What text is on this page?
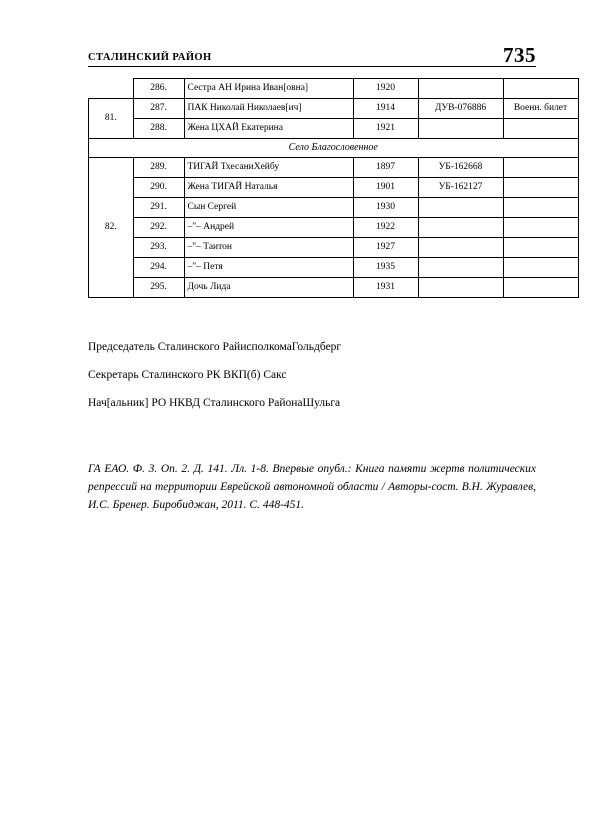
СТАЛИНСКИЙ РАЙОН	735
	286.	Сестра АН Ирина Иван[овна]	1920		
81.	287.	ПАК Николай Николаев[ич]	1914	ДУВ-076886	Военн. билет
	288.	Жена ЦХАЙ Екатерина	1921		
Село Благословенное					
82.	289.	ТИГАЙ ТхесаниХейбу	1897	УБ-162668	
	290.	Жена ТИГАЙ Наталья	1901	УБ-162127	
	291.	Сын Сергей	1930		
	292.	–"– Андрей	1922		
	293.	–"– Таитон	1927		
	294.	–"– Петя	1935		
	295.	Дочь Лида	1931		
Председатель Сталинского РайисполкомаГольдберг
Секретарь Сталинского РК ВКП(б) Сакс
Нач[альник] РО НКВД Сталинского РайонаШульга
ГА ЕАО. Ф. 3. Оп. 2. Д. 141. Лл. 1-8. Впервые опубл.: Книга памяти жертв политических репрессий на территории Еврейской автономной области / Авторы-сост. В.Н. Журавлев, И.С. Бренер. Биробиджан, 2011. С. 448-451.
